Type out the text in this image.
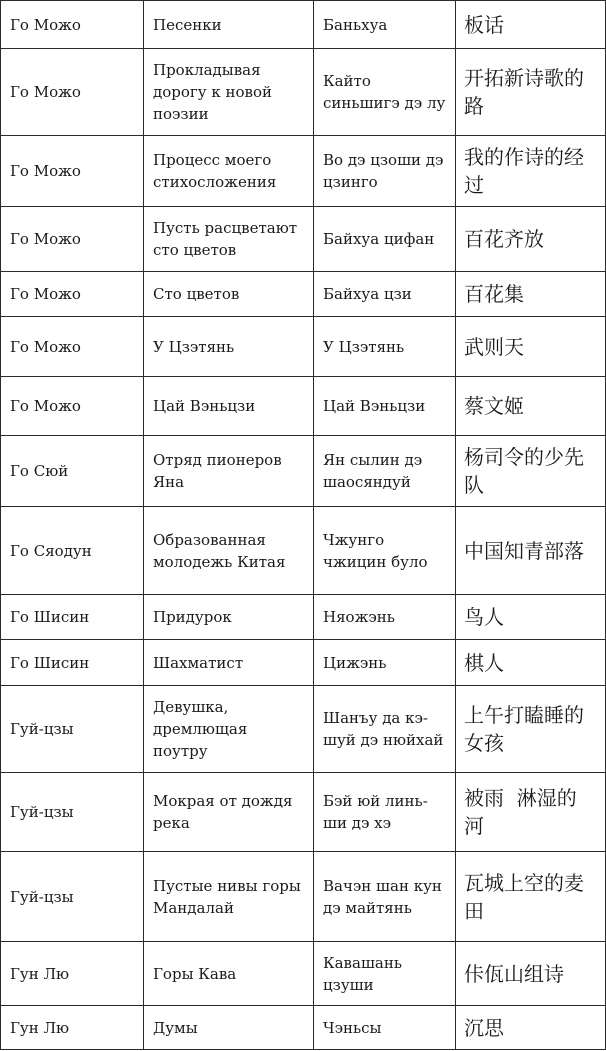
Го Можо	Песенки	Баньхуа	板话
Го Можо	Прокладывая дорогу к новой поэзии	Кайто синьшигэ дэ лу	开拓新诗歌的路
Го Можо	Процесс моего стихосложения	Во дэ цзоши дэ цзинго	我的作诗的经过
Го Можо	Пусть расцветают сто цветов	Байхуа цифан	百花齐放
Го Можо	Сто цветов	Байхуа цзи	百花集
Го Можо	У Цзэтянь	У Цзэтянь	武则天
Го Можо	Цай Вэньцзи	Цай Вэньцзи	蔡文姬
Го Сюй	Отряд пионеров Яна	Ян сылин дэ шаосяндуй	杨司令的少先队
Го Сяодун	Образованная молодежь Китая	Чжунго чжицин було	中国知青部落
Го Шисин	Придурок	Няожэнь	鸟人
Го Шисин	Шахматист	Цижэнь	棋人
Гуй-цзы	Девушка, дремлющая поутру	Шанъу да кэ-шуй дэ нюйхай	上午打瞌睡的女孩
Гуй-цзы	Мокрая от дождя река	Бэй юй линь-ши дэ хэ	被雨  淋湿的河
Гуй-цзы	Пустые нивы горы Мандалай	Вачэн шан кун дэ майтянь	瓦城上空的麦田
Гун Лю	Горы Кава	Кавашань цзуши	佧佤山组诗
Гун Лю	Думы	Чэньсы	沉思
